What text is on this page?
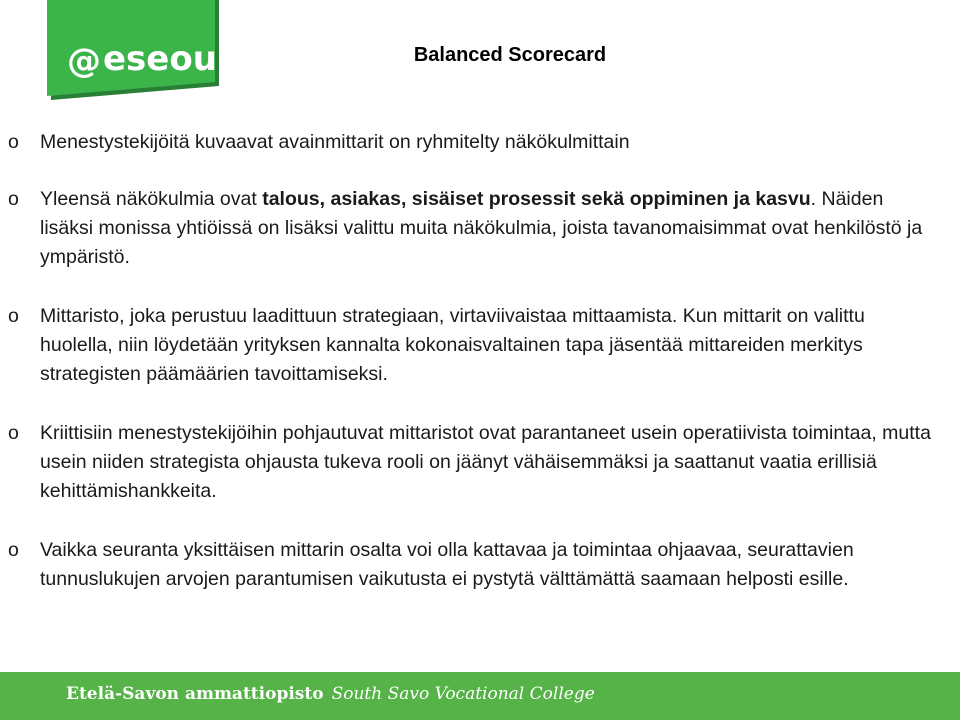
@ eseou	Balanced Scorecard
o Menestystekijöitä kuvaavat avainmittarit on ryhmitelty näkökulmittain
o Yleensä näkökulmia ovat talous, asiakas, sisäiset prosessit sekä oppiminen ja kasvu. Näiden lisäksi monissa yhtiöissä on lisäksi valittu muita näkökulmia, joista tavanomaisimmat ovat henkilöstö ja ympäristö.
o Mittaristo, joka perustuu laadittuun strategiaan, virtaviivaistaa mittaamista. Kun mittarit on valittu huolella, niin löydetään yrityksen kannalta kokonaisvaltainen tapa jäsentää mittareiden merkitys strategisten päämäärien tavoittamiseksi.
o Kriittisiin menestystekijöihin pohjautuvat mittaristot ovat parantaneet usein operatiivista toimintaa, mutta usein niiden strategista ohjausta tukeva rooli on jäänyt vähäisemmäksi ja saattanut vaatia erillisiä kehittämishankkeita.
o Vaikka seuranta yksittäisen mittarin osalta voi olla kattavaa ja toimintaa ohjaavaa, seurattavien tunnuslukujen arvojen parantumisen vaikutusta ei pystytä välttämättä saamaan helposti esille.
Etelä-Savon ammattiopisto South Savo Vocational College
